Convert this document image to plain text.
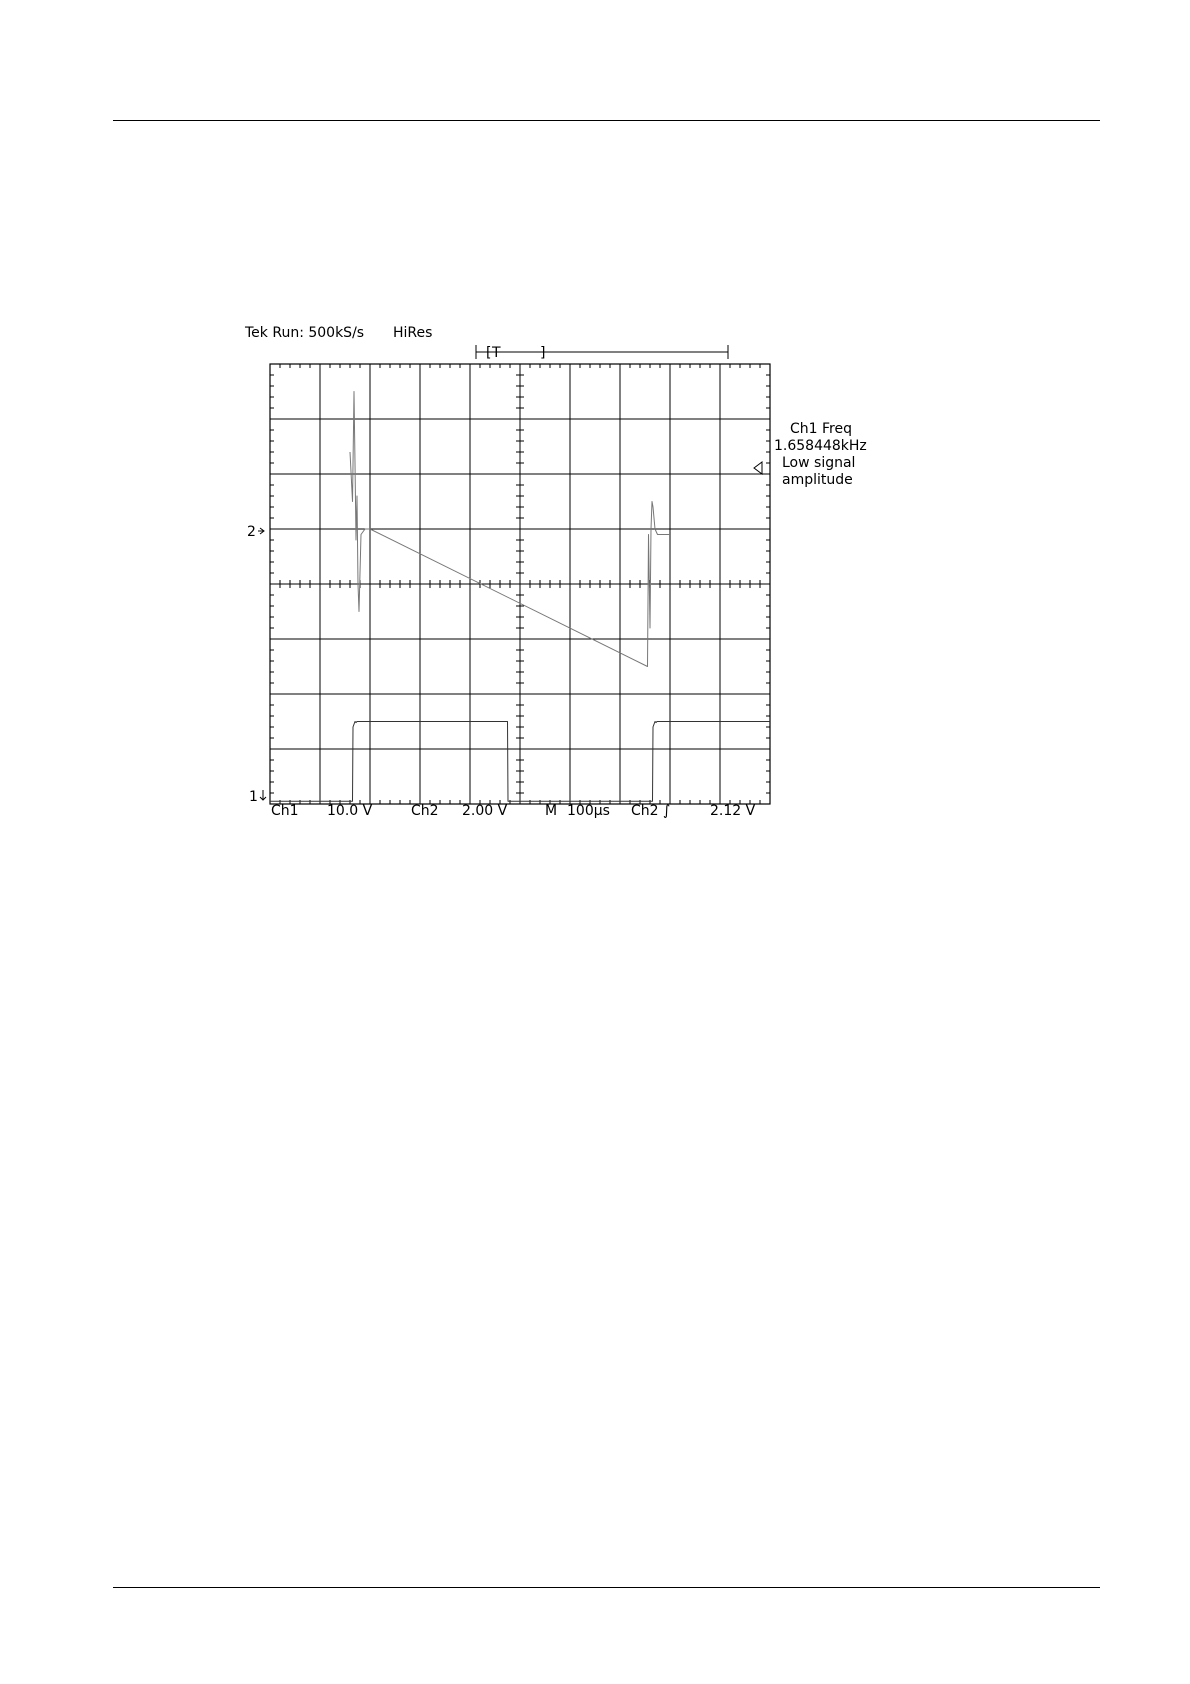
Tek Run: 500kS/s HiRes
T
[	]
Ch1 Freq
1.658448kHz
Low signal
amplitude
2
1
Ch1 10.0 V	Ch2 2.00 V	M 100µs Ch2 ∫	2.12 V
